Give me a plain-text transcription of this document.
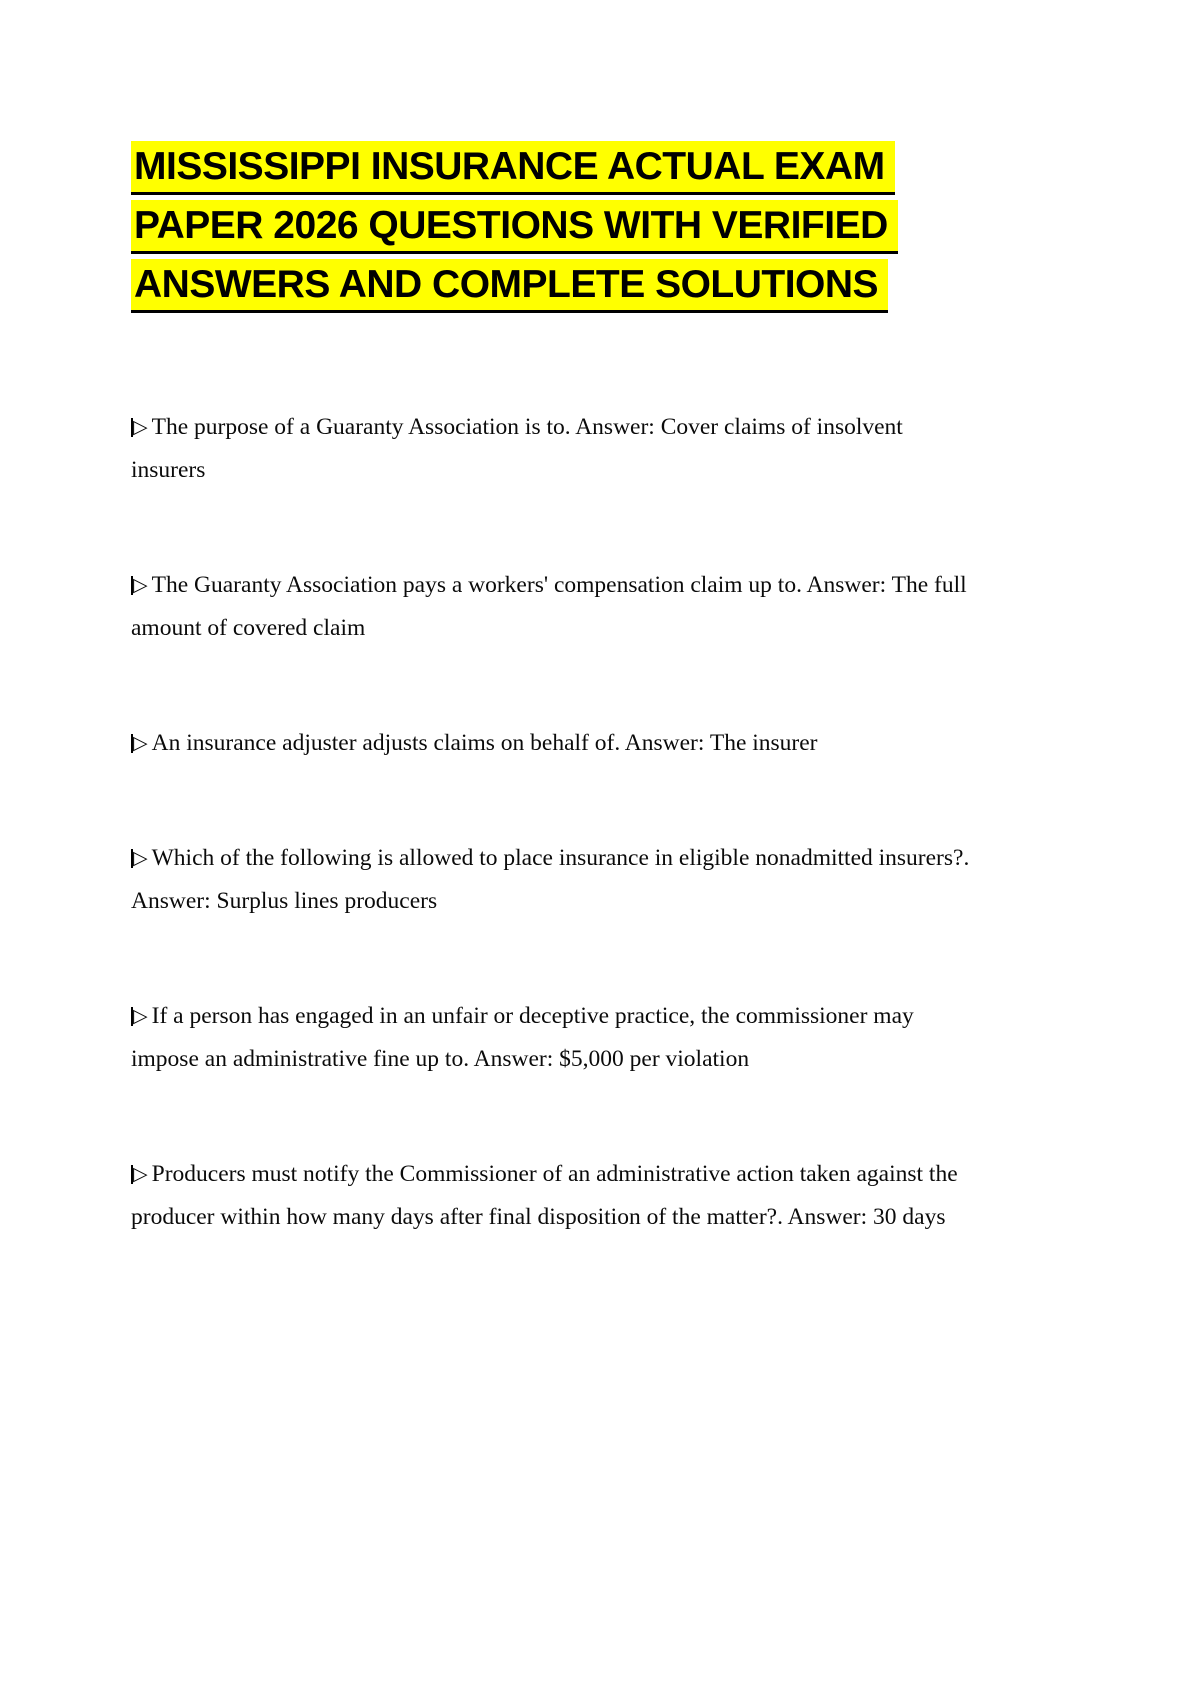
MISSISSIPPI INSURANCE ACTUAL EXAM
PAPER 2026 QUESTIONS WITH VERIFIED
ANSWERS AND COMPLETE SOLUTIONS
▷ The purpose of a Guaranty Association is to. Answer: Cover claims of insolvent insurers
▷ The Guaranty Association pays a workers' compensation claim up to. Answer: The full amount of covered claim
▷ An insurance adjuster adjusts claims on behalf of. Answer: The insurer
▷ Which of the following is allowed to place insurance in eligible nonadmitted insurers?. Answer: Surplus lines producers
▷ If a person has engaged in an unfair or deceptive practice, the commissioner may impose an administrative fine up to. Answer: $5,000 per violation
▷ Producers must notify the Commissioner of an administrative action taken against the producer within how many days after final disposition of the matter?. Answer: 30 days
